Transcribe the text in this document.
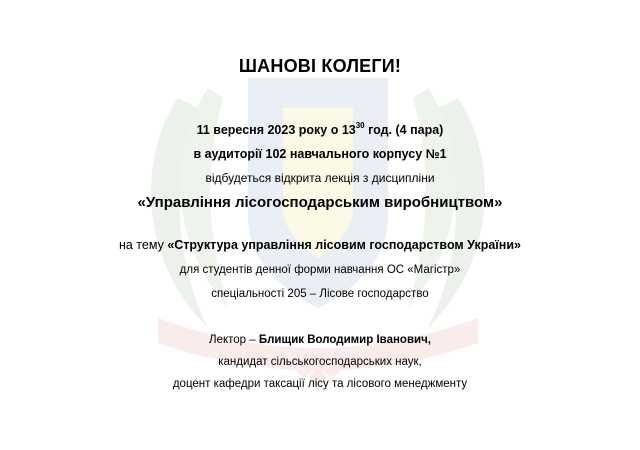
ШАНОВІ КОЛЕГИ!
11 вересня 2023 року о $13^{30}$ год. (4 пара)
в аудиторії 102 навчального корпусу №1
відбудеться відкрита лекція з дисципліни
«Управління лісогосподарським виробництвом»
на тему «Структура управління лісовим господарством України»
для студентів денної форми навчання ОС «Магістр»
спеціальності 205 – Лісове господарство
Лектор – Блищик Володимир Іванович,
кандидат сільськогосподарських наук,
доцент кафедри таксації лісу та лісового менеджменту
